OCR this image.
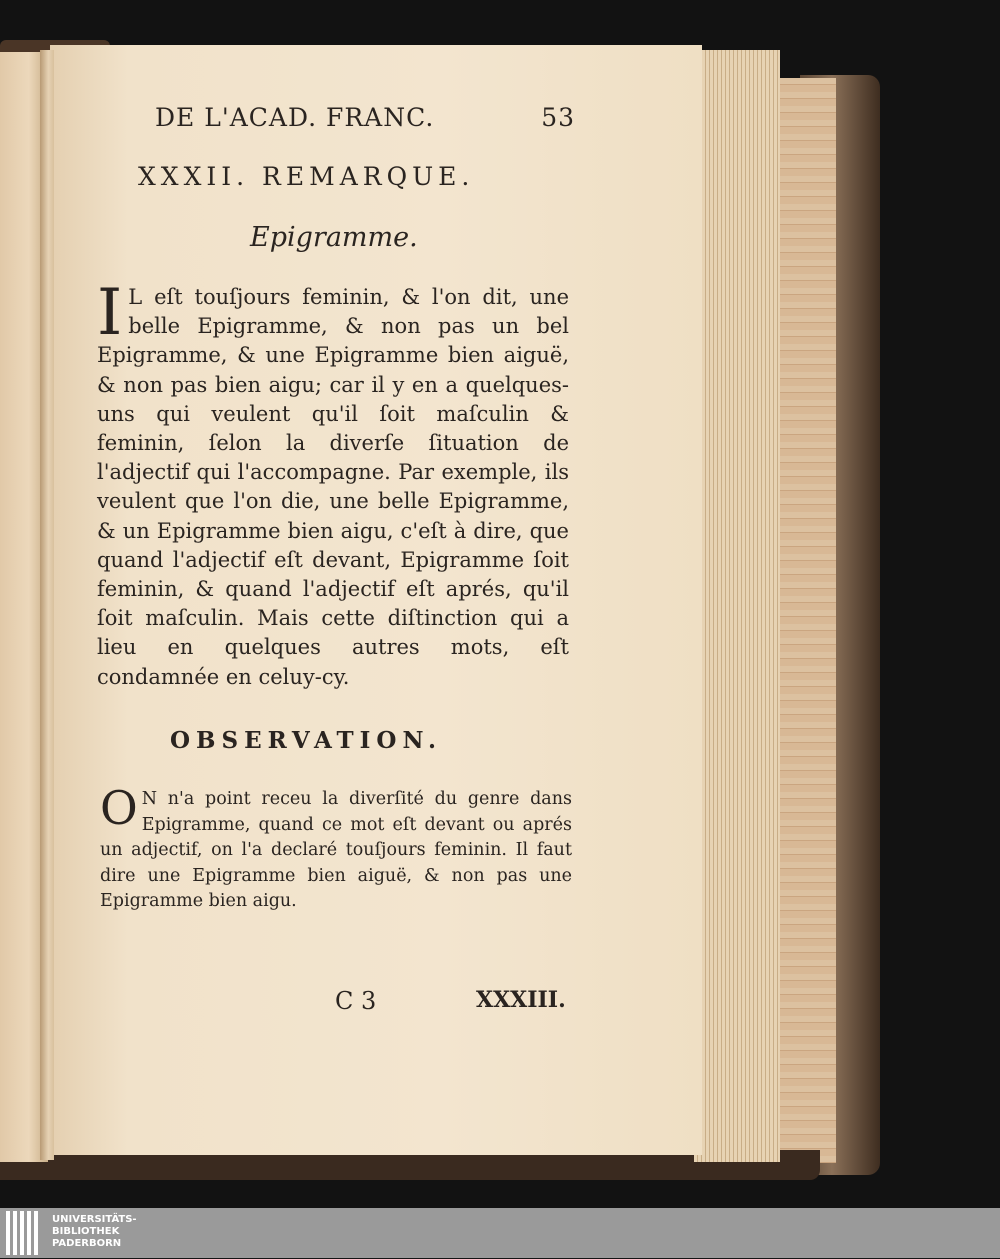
DE L'ACAD. FRANC.	53
XXXII. REMARQUE.
Epigramme.
I L eſt touſjours feminin, & l'on dit, une belle Epigramme, & non pas un bel Epigramme, & une Epigramme bien aiguë, & non pas bien aigu; car il y en a quelques-uns qui veulent qu'il ſoit maſculin & feminin, ſelon la diverſe ſituation de l'adjectif qui l'accompagne. Par exemple, ils veulent que l'on die, une belle Epigramme, & un Epigramme bien aigu, c'eſt à dire, que quand l'adjectif eſt devant, Epigramme ſoit feminin, & quand l'adjectif eſt aprés, qu'il ſoit maſculin. Mais cette diſtinction qui a lieu en quelques autres mots, eſt condamnée en celuy-cy.
OBSERVATION.
O N n'a point receu la diverſité du genre dans Epigramme, quand ce mot eſt devant ou aprés un adjectif, on l'a declaré touſjours feminin. Il faut dire une Epigramme bien aiguë, & non pas une Epigramme bien aigu.
C 3	XXXIII.
UNIVERSITÄTS-
BIBLIOTHEK
PADERBORN
